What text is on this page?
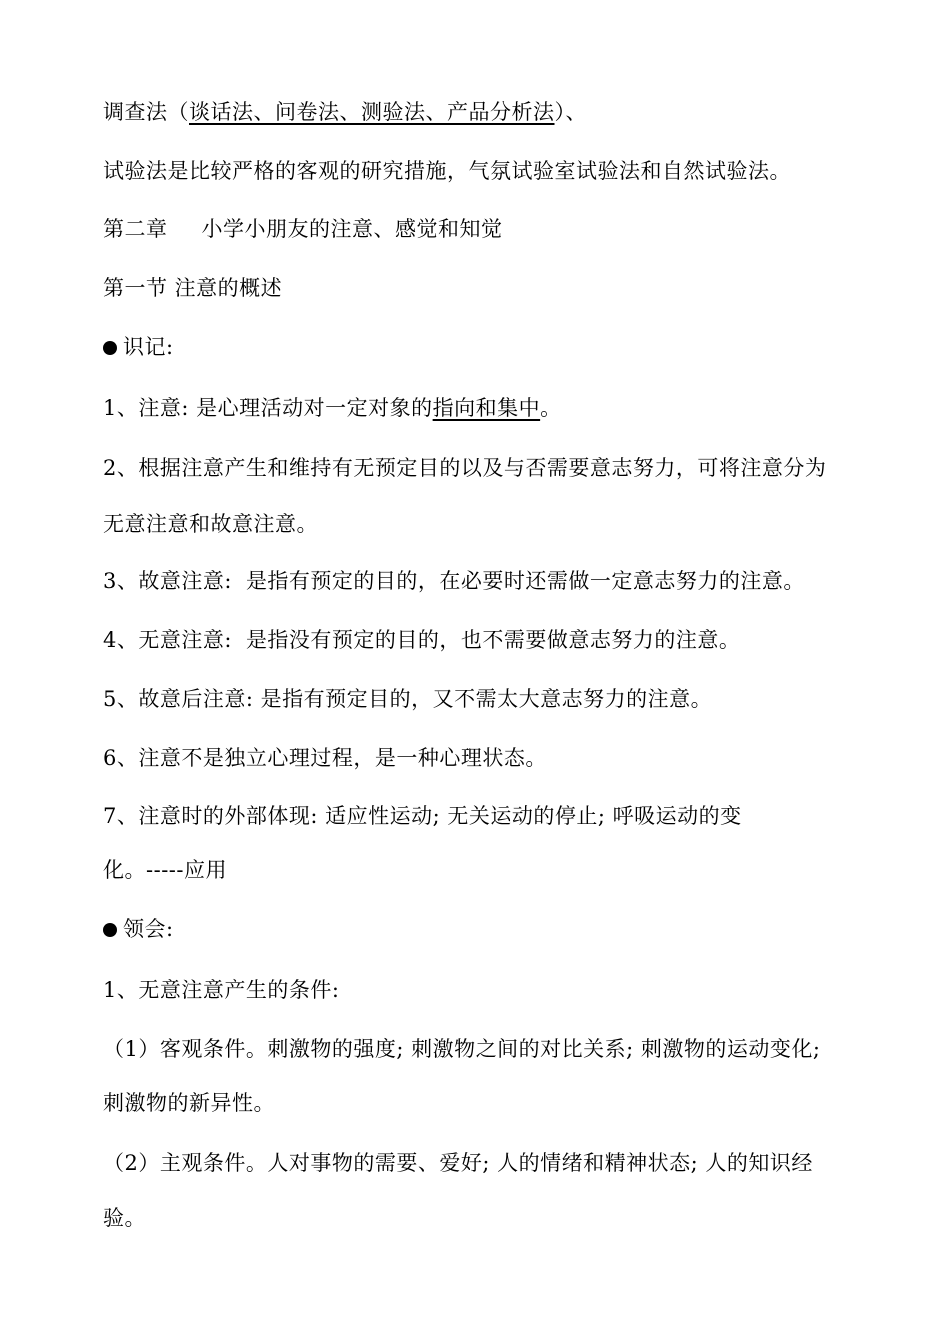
调查法（谈话法、问卷法、测验法、产品分析法）、
试验法是比较严格的客观的研究措施，气氛试验室试验法和自然试验法。
第二章 小学小朋友的注意、感觉和知觉
第一节 注意的概述
识记:
1、注意: 是心理活动对一定对象的指向和集中。
2、根据注意产生和维持有无预定目的以及与否需要意志努力，可将注意分为
无意注意和故意注意。
3、故意注意: 是指有预定的目的，在必要时还需做一定意志努力的注意。
4、无意注意: 是指没有预定的目的，也不需要做意志努力的注意。
5、故意后注意: 是指有预定目的，又不需太大意志努力的注意。
6、注意不是独立心理过程，是一种心理状态。
7、注意时的外部体现: 适应性运动; 无关运动的停止; 呼吸运动的变
化。-----应用
领会:
1、无意注意产生的条件:
（1）客观条件。刺激物的强度; 刺激物之间的对比关系; 刺激物的运动变化;
刺激物的新异性。
（2）主观条件。人对事物的需要、爱好; 人的情绪和精神状态; 人的知识经
验。
